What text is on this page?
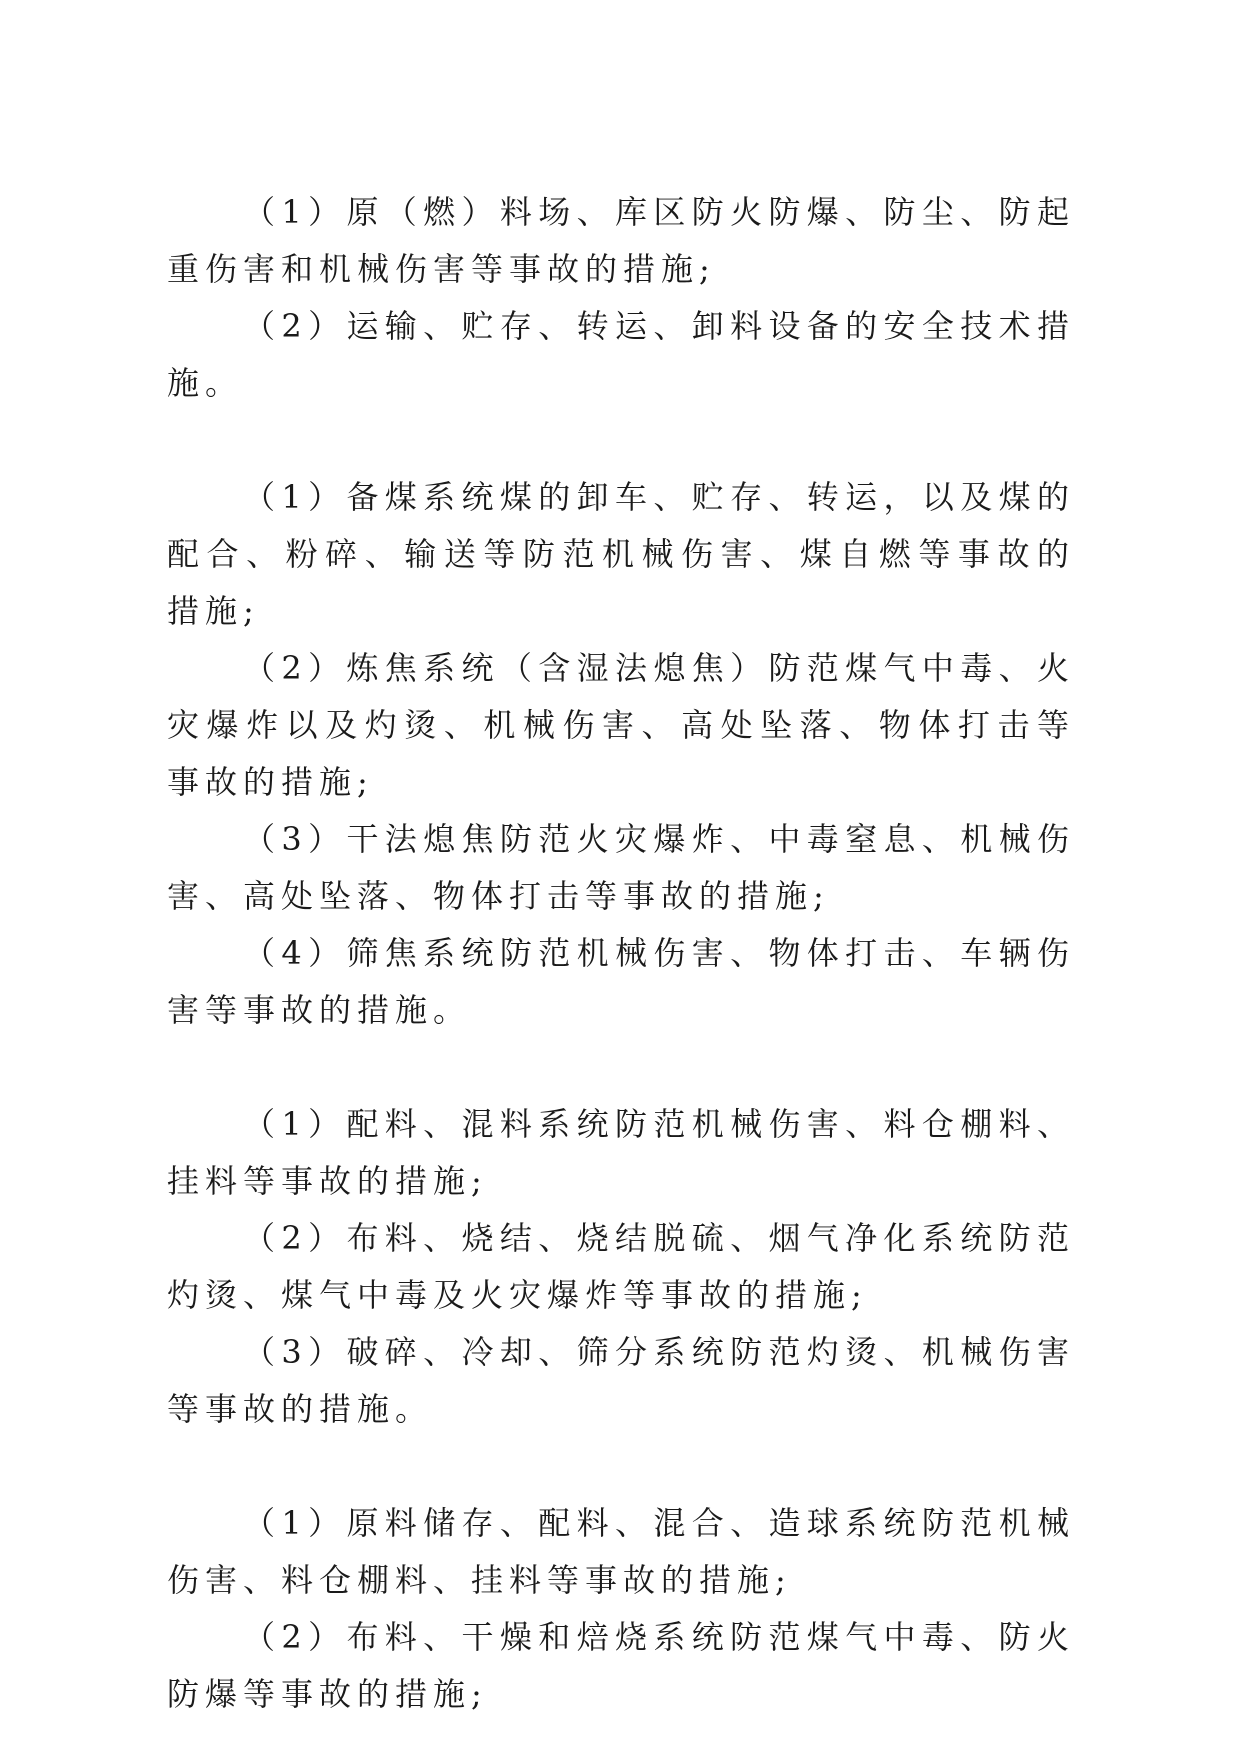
（1）原（燃）料场、库区防火防爆、防尘、防起重伤害和机械伤害等事故的措施;

（2）运输、贮存、转运、卸料设备的安全技术措施。

（1）备煤系统煤的卸车、贮存、转运，以及煤的配合、粉碎、输送等防范机械伤害、煤自燃等事故的措施;

（2）炼焦系统（含湿法熄焦）防范煤气中毒、火灾爆炸以及灼烫、机械伤害、高处坠落、物体打击等事故的措施;

（3）干法熄焦防范火灾爆炸、中毒窒息、机械伤害、高处坠落、物体打击等事故的措施;

（4）筛焦系统防范机械伤害、物体打击、车辆伤害等事故的措施。

（1）配料、混料系统防范机械伤害、料仓棚料、挂料等事故的措施;

（2）布料、烧结、烧结脱硫、烟气净化系统防范灼烫、煤气中毒及火灾爆炸等事故的措施;

（3）破碎、冷却、筛分系统防范灼烫、机械伤害等事故的措施。

（1）原料储存、配料、混合、造球系统防范机械伤害、料仓棚料、挂料等事故的措施;

（2）布料、干燥和焙烧系统防范煤气中毒、防火防爆等事故的措施;
